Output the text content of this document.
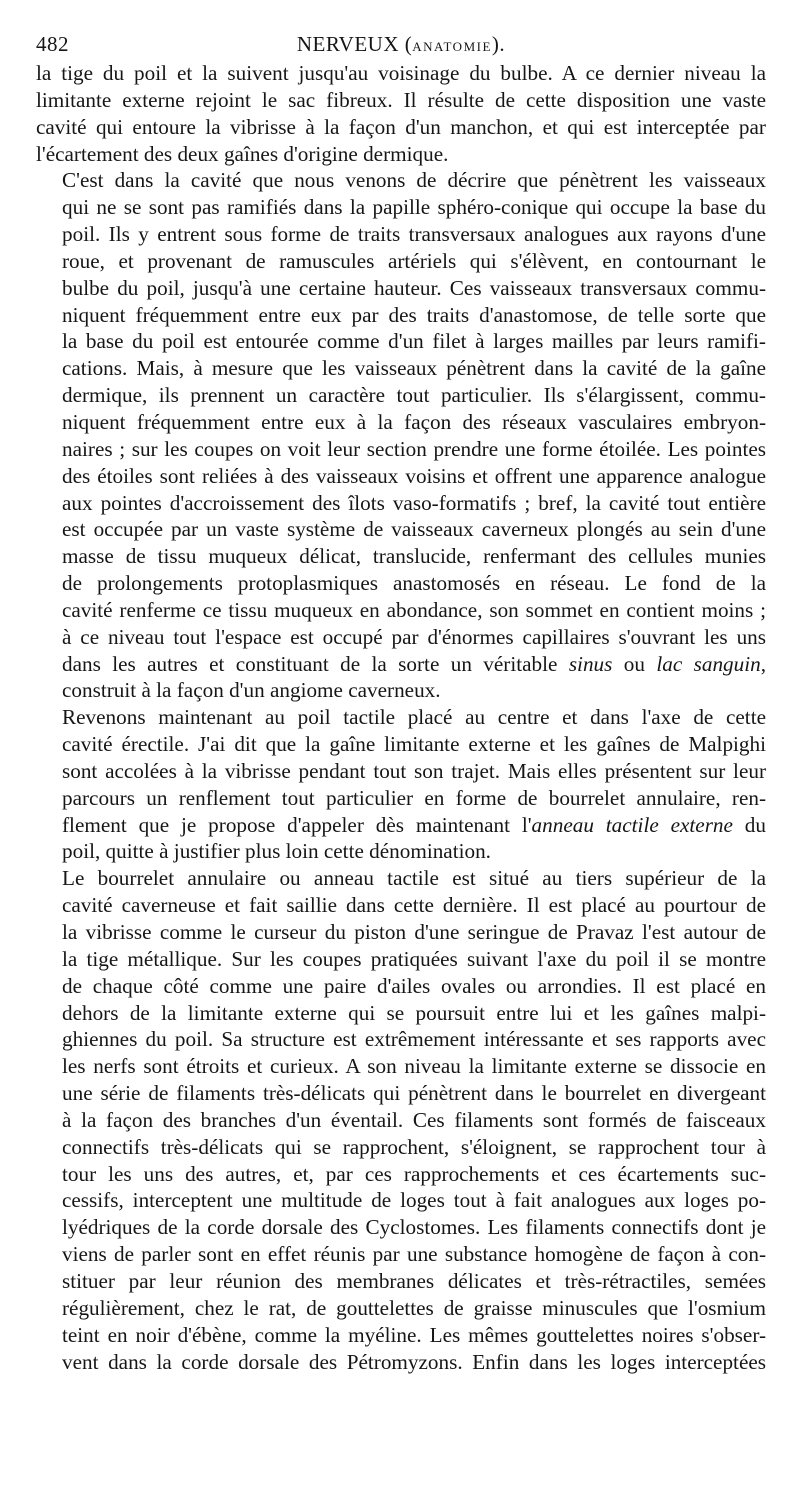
482	NERVEUX (ANATOMIE).

la tige du poil et la suivent jusqu'au voisinage du bulbe. A ce dernier niveau la
limitante externe rejoint le sac fibreux. Il résulte de cette disposition une vaste
cavité qui entoure la vibrisse à la façon d'un manchon, et qui est interceptée par
l'écartement des deux gaînes d'origine dermique.

C'est dans la cavité que nous venons de décrire que pénètrent les vaisseaux
qui ne se sont pas ramifiés dans la papille sphéro-conique qui occupe la base du
poil. Ils y entrent sous forme de traits transversaux analogues aux rayons d'une
roue, et provenant de ramuscules artériels qui s'élèvent, en contournant le
bulbe du poil, jusqu'à une certaine hauteur. Ces vaisseaux transversaux commu-
niquent fréquemment entre eux par des traits d'anastomose, de telle sorte que
la base du poil est entourée comme d'un filet à larges mailles par leurs ramifi-
cations. Mais, à mesure que les vaisseaux pénètrent dans la cavité de la gaîne
dermique, ils prennent un caractère tout particulier. Ils s'élargissent, commu-
niquent fréquemment entre eux à la façon des réseaux vasculaires embryon-
naires ; sur les coupes on voit leur section prendre une forme étoilée. Les pointes
des étoiles sont reliées à des vaisseaux voisins et offrent une apparence analogue
aux pointes d'accroissement des îlots vaso-formatifs ; bref, la cavité tout entière
est occupée par un vaste système de vaisseaux caverneux plongés au sein d'une
masse de tissu muqueux délicat, translucide, renfermant des cellules munies
de prolongements protoplasmiques anastomosés en réseau. Le fond de la
cavité renferme ce tissu muqueux en abondance, son sommet en contient moins ;
à ce niveau tout l'espace est occupé par d'énormes capillaires s'ouvrant les uns
dans les autres et constituant de la sorte un véritable sinus ou lac sanguin,
construit à la façon d'un angiome caverneux.

Revenons maintenant au poil tactile placé au centre et dans l'axe de cette
cavité érectile. J'ai dit que la gaîne limitante externe et les gaînes de Malpighi
sont accolées à la vibrisse pendant tout son trajet. Mais elles présentent sur leur
parcours un renflement tout particulier en forme de bourrelet annulaire, ren-
flement que je propose d'appeler dès maintenant l'anneau tactile externe du
poil, quitte à justifier plus loin cette dénomination.

Le bourrelet annulaire ou anneau tactile est situé au tiers supérieur de la
cavité caverneuse et fait saillie dans cette dernière. Il est placé au pourtour de
la vibrisse comme le curseur du piston d'une seringue de Pravaz l'est autour de
la tige métallique. Sur les coupes pratiquées suivant l'axe du poil il se montre
de chaque côté comme une paire d'ailes ovales ou arrondies. Il est placé en
dehors de la limitante externe qui se poursuit entre lui et les gaînes malpi-
ghiennes du poil. Sa structure est extrêmement intéressante et ses rapports avec
les nerfs sont étroits et curieux. A son niveau la limitante externe se dissocie en
une série de filaments très-délicats qui pénètrent dans le bourrelet en divergeant
à la façon des branches d'un éventail. Ces filaments sont formés de faisceaux
connectifs très-délicats qui se rapprochent, s'éloignent, se rapprochent tour à
tour les uns des autres, et, par ces rapprochements et ces écartements suc-
cessifs, interceptent une multitude de loges tout à fait analogues aux loges po-
lyédriques de la corde dorsale des Cyclostomes. Les filaments connectifs dont je
viens de parler sont en effet réunis par une substance homogène de façon à con-
stituer par leur réunion des membranes délicates et très-rétractiles, semées
régulièrement, chez le rat, de gouttelettes de graisse minuscules que l'osmium
teint en noir d'ébène, comme la myéline. Les mêmes gouttelettes noires s'obser-
vent dans la corde dorsale des Pétromyzons. Enfin dans les loges interceptées
